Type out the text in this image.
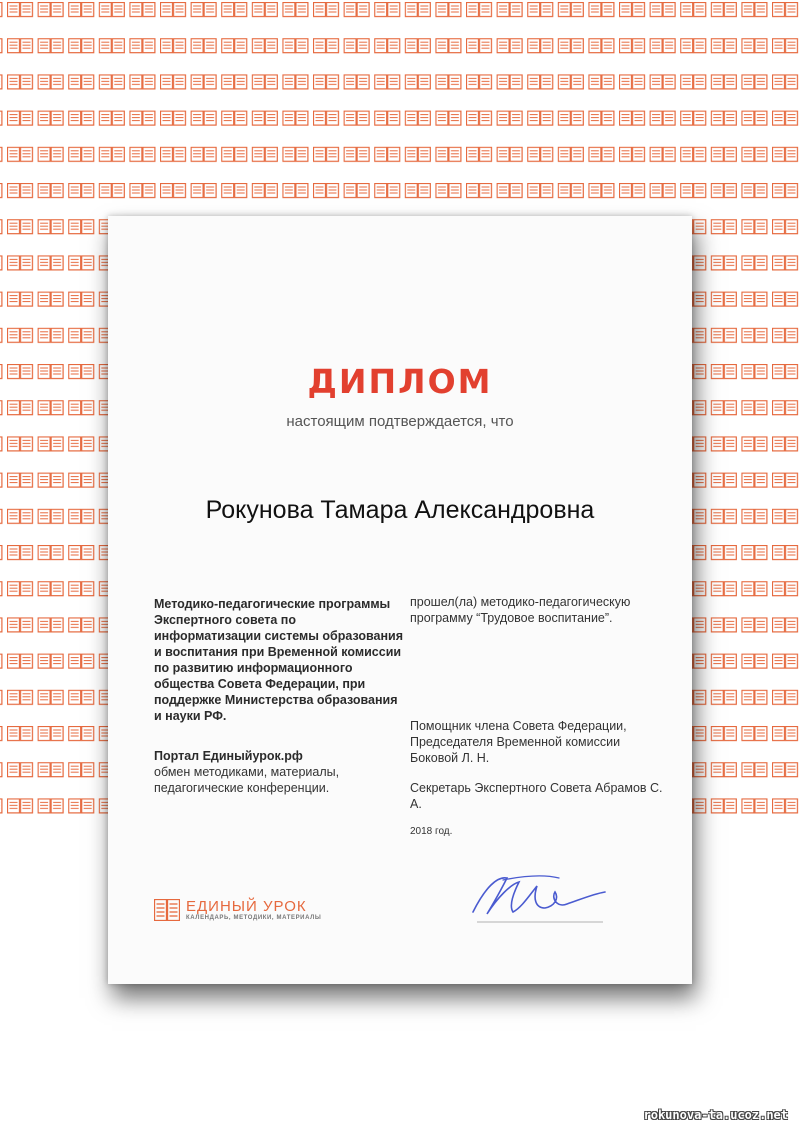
ДИПЛОМ
настоящим подтверждается, что
Рокунова Тамара Александровна
Методико-педагогические программы Экспертного совета по информатизации системы образования и воспитания при Временной комиссии по развитию информационного общества Совета Федерации, при поддержке Министерства образования и науки РФ.
Портал Единыйурок.рф
обмен методиками, материалы, педагогические конференции.
прошел(ла) методико-педагогическую программу “Трудовое воспитание”.
Помощник члена Совета Федерации, Председателя Временной комиссии Боковой Л. Н.
Секретарь Экспертного Совета Абрамов С. А.
2018 год.
ЕДИНЫЙ УРОК
КАЛЕНДАРЬ, МЕТОДИКИ, МАТЕРИАЛЫ
rokunova-ta.ucoz.net
